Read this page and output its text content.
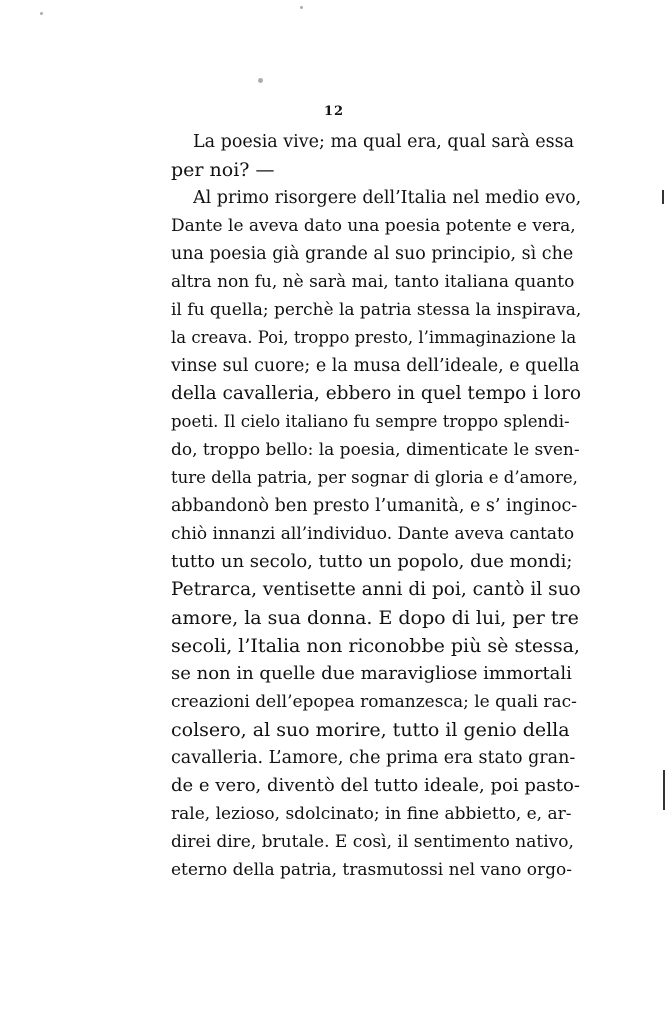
12
La poesia vive; ma qual era, qual sarà essa
per noi? —
Al primo risorgere dell’Italia nel medio evo,
Dante le aveva dato una poesia potente e vera,
una poesia già grande al suo principio, sì che
altra non fu, nè sarà mai, tanto italiana quanto
il fu quella; perchè la patria stessa la inspirava,
la creava. Poi, troppo presto, l’immaginazione la
vinse sul cuore; e la musa dell’ideale, e quella
della cavalleria, ebbero in quel tempo i loro
poeti. Il cielo italiano fu sempre troppo splendi-
do, troppo bello: la poesia, dimenticate le sven-
ture della patria, per sognar di gloria e d’amore,
abbandonò ben presto l’umanità, e s’ inginoc-
chiò innanzi all’individuo. Dante aveva cantato
tutto un secolo, tutto un popolo, due mondi;
Petrarca, ventisette anni di poi, cantò il suo
amore, la sua donna. E dopo di lui, per tre
secoli, l’Italia non riconobbe più sè stessa,
se non in quelle due maravigliose immortali
creazioni dell’epopea romanzesca; le quali rac-
colsero, al suo morire, tutto il genio della
cavalleria. L’amore, che prima era stato gran-
de e vero, diventò del tutto ideale, poi pasto-
rale, lezioso, sdolcinato; in fine abbietto, e, ar-
direi dire, brutale. E così, il sentimento nativo,
eterno della patria, trasmutossi nel vano orgo-
